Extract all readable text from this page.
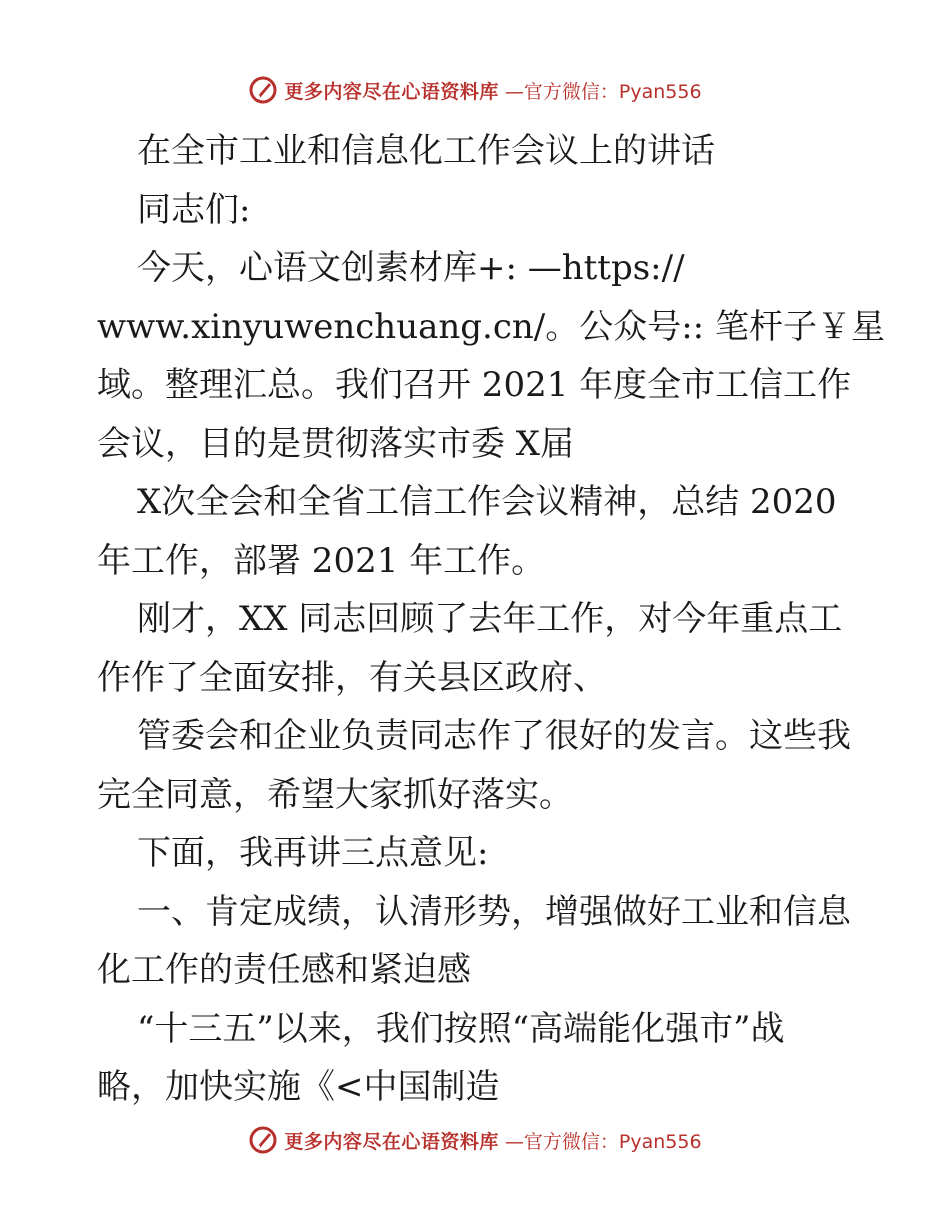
更多内容尽在心语资料库 —官方微信：Pyan556

在全市工业和信息化工作会议上的讲话

同志们:

今天，心语文创素材库+: —https://

www.xinyuwenchuang.cn/。公众号:: 笔杆子￥星

域。整理汇总。我们召开 2021 年度全市工信工作

会议，目的是贯彻落实市委 X届

X次全会和全省工信工作会议精神，总结 2020

年工作，部署 2021 年工作。

刚才，XX 同志回顾了去年工作，对今年重点工

作作了全面安排，有关县区政府、

管委会和企业负责同志作了很好的发言。这些我

完全同意，希望大家抓好落实。

下面，我再讲三点意见:

一、肯定成绩，认清形势，增强做好工业和信息

化工作的责任感和紧迫感

“十三五”以来，我们按照“高端能化强市”战

略，加快实施《<中国制造

更多内容尽在心语资料库 —官方微信：Pyan556
